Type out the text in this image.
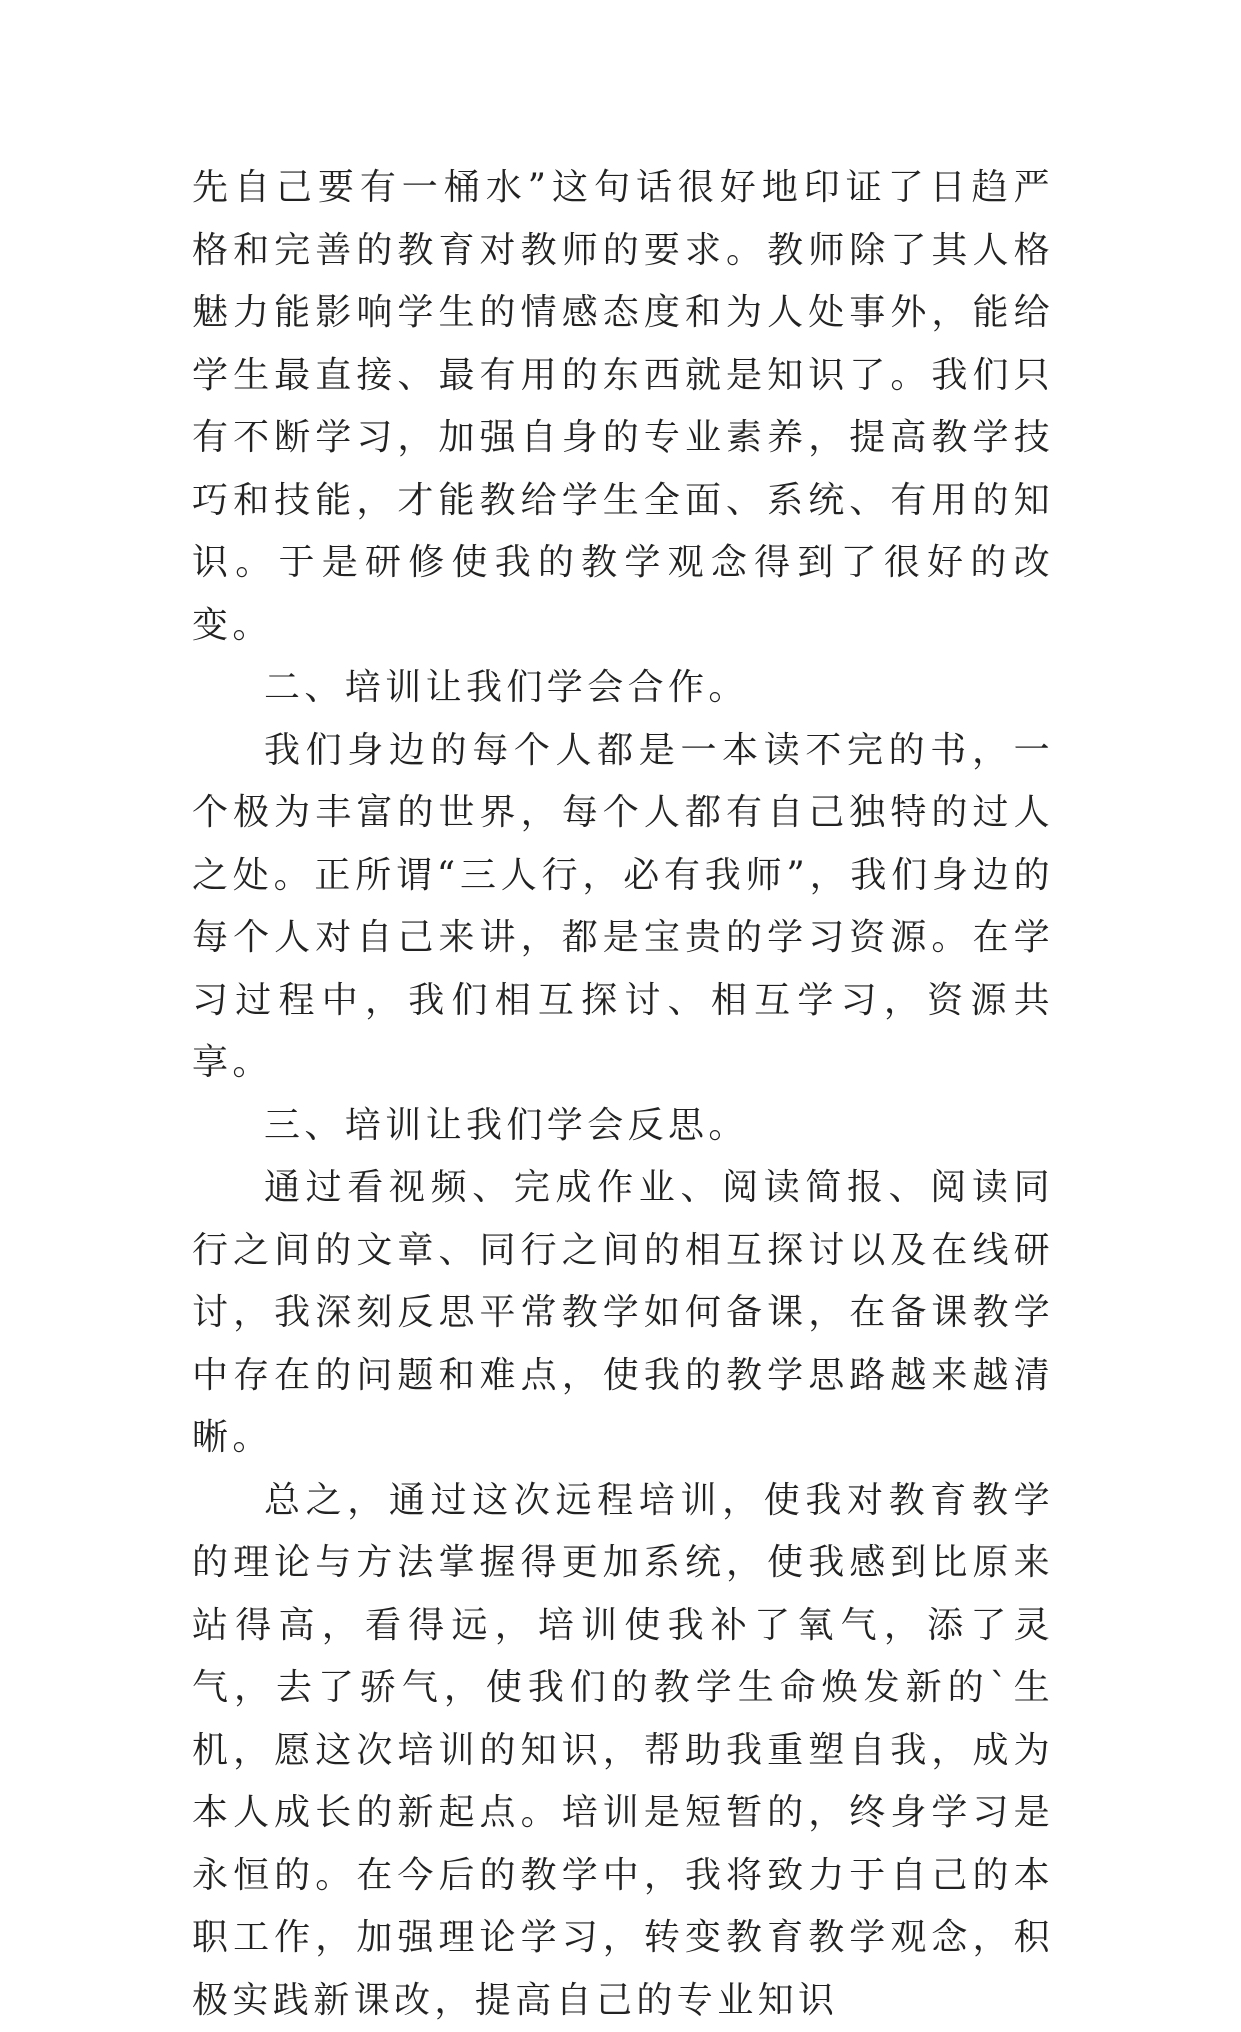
先自己要有一桶水”这句话很好地印证了日趋严格和完善的教育对教师的要求。教师除了其人格魅力能影响学生的情感态度和为人处事外，能给学生最直接、最有用的东西就是知识了。我们只有不断学习，加强自身的专业素养，提高教学技巧和技能，才能教给学生全面、系统、有用的知识。于是研修使我的教学观念得到了很好的改变。

二、培训让我们学会合作。

我们身边的每个人都是一本读不完的书，一个极为丰富的世界，每个人都有自己独特的过人之处。正所谓“三人行，必有我师”，我们身边的每个人对自己来讲，都是宝贵的学习资源。在学习过程中，我们相互探讨、相互学习，资源共享。

三、培训让我们学会反思。

通过看视频、完成作业、阅读简报、阅读同行之间的文章、同行之间的相互探讨以及在线研讨，我深刻反思平常教学如何备课，在备课教学中存在的问题和难点，使我的教学思路越来越清晰。

总之，通过这次远程培训，使我对教育教学的理论与方法掌握得更加系统，使我感到比原来站得高，看得远，培训使我补了氧气，添了灵气，去了骄气，使我们的教学生命焕发新的`生机，愿这次培训的知识，帮助我重塑自我，成为本人成长的新起点。培训是短暂的，终身学习是永恒的。在今后的教学中，我将致力于自己的本职工作，加强理论学习，转变教育教学观念，积极实践新课改，提高自己的专业知识
